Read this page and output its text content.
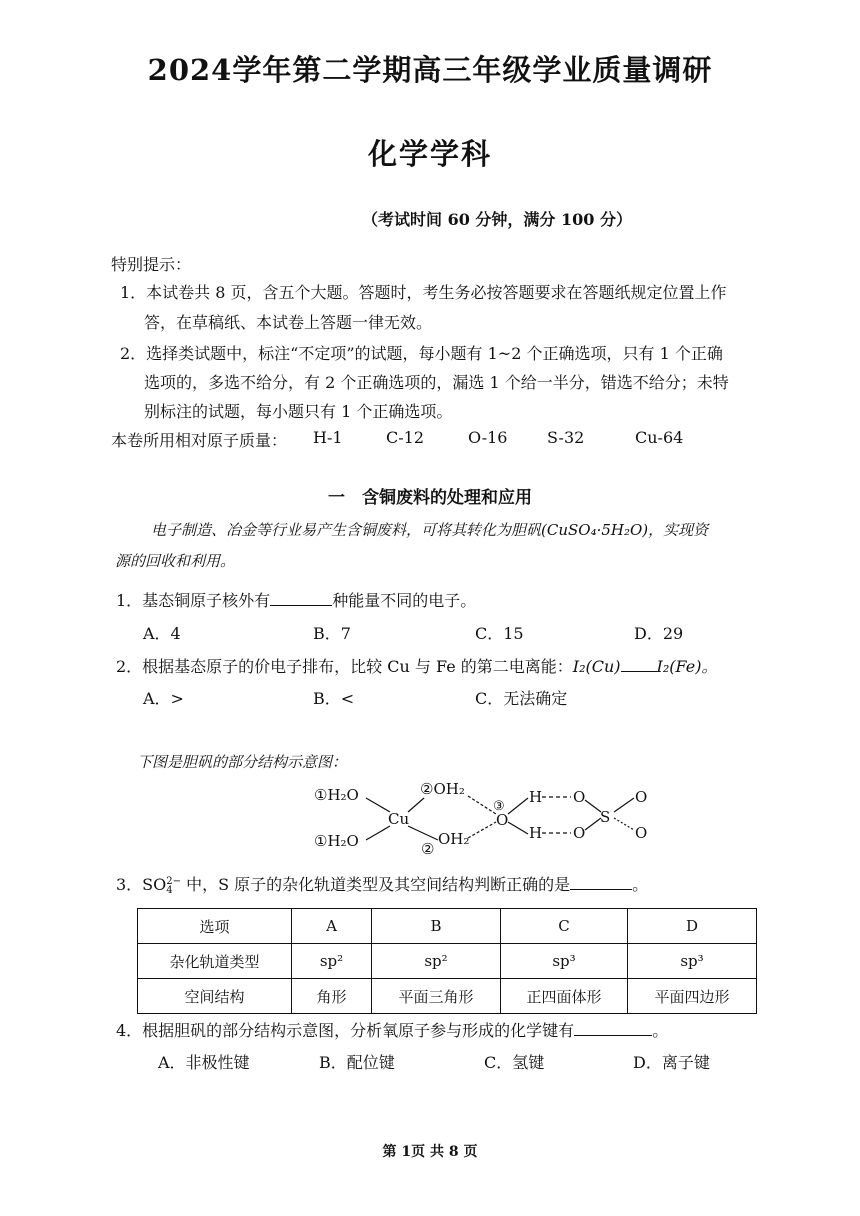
2024学年第二学期高三年级学业质量调研
化学学科
（考试时间 60 分钟，满分 100 分）
特别提示：
1．本试卷共 8 页，含五个大题。答题时，考生务必按答题要求在答题纸规定位置上作
答，在草稿纸、本试卷上答题一律无效。
2．选择类试题中，标注“不定项”的试题，每小题有 1~2 个正确选项，只有 1 个正确
选项的，多选不给分，有 2 个正确选项的，漏选 1 个给一半分，错选不给分；未特
别标注的试题，每小题只有 1 个正确选项。
本卷所用相对原子质量： H-1	C-12	O-16 S-32	Cu-64
一　含铜废料的处理和应用
电子制造、冶金等行业易产生含铜废料，可将其转化为胆矾(CuSO₄·5H₂O)，实现资
源的回收和利用。
1．基态铜原子核外有	种能量不同的电子。
A．4	B．7	C．15	D．29
2．根据基态原子的价电子排布，比较 Cu 与 Fe 的第二电离能：I₂(Cu) I₂(Fe)。
A．>	B．<	C．无法确定
下图是胆矾的部分结构示意图：
①H₂O
①H₂O
Cu
②OH₂
OH₂
②
③
O
H
H
O
O
S
O
O
3．SO 2−
4 中，S 原子的杂化轨道类型及其空间结构判断正确的是	。
选项	A	B	C	D
杂化轨道类型	sp²	sp²	sp³	sp³
空间结构	角形	平面三角形	正四面体形	平面四边形
4．根据胆矾的部分结构示意图，分析氧原子参与形成的化学键有	。
A．非极性键	B．配位键	C．氢键	D．离子键
第 1页 共 8 页
